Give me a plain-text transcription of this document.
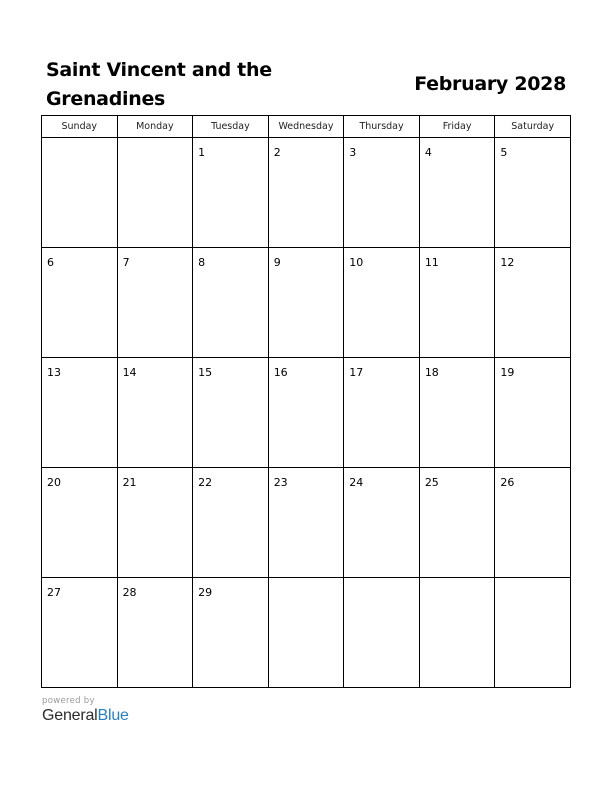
Saint Vincent and the Grenadines
February 2028
Sunday	Monday	Tuesday	Wednesday	Thursday	Friday	Saturday
		1	2	3	4	5
6	7	8	9	10	11	12
13	14	15	16	17	18	19
20	21	22	23	24	25	26
27	28	29				
powered by
GeneralBlue
